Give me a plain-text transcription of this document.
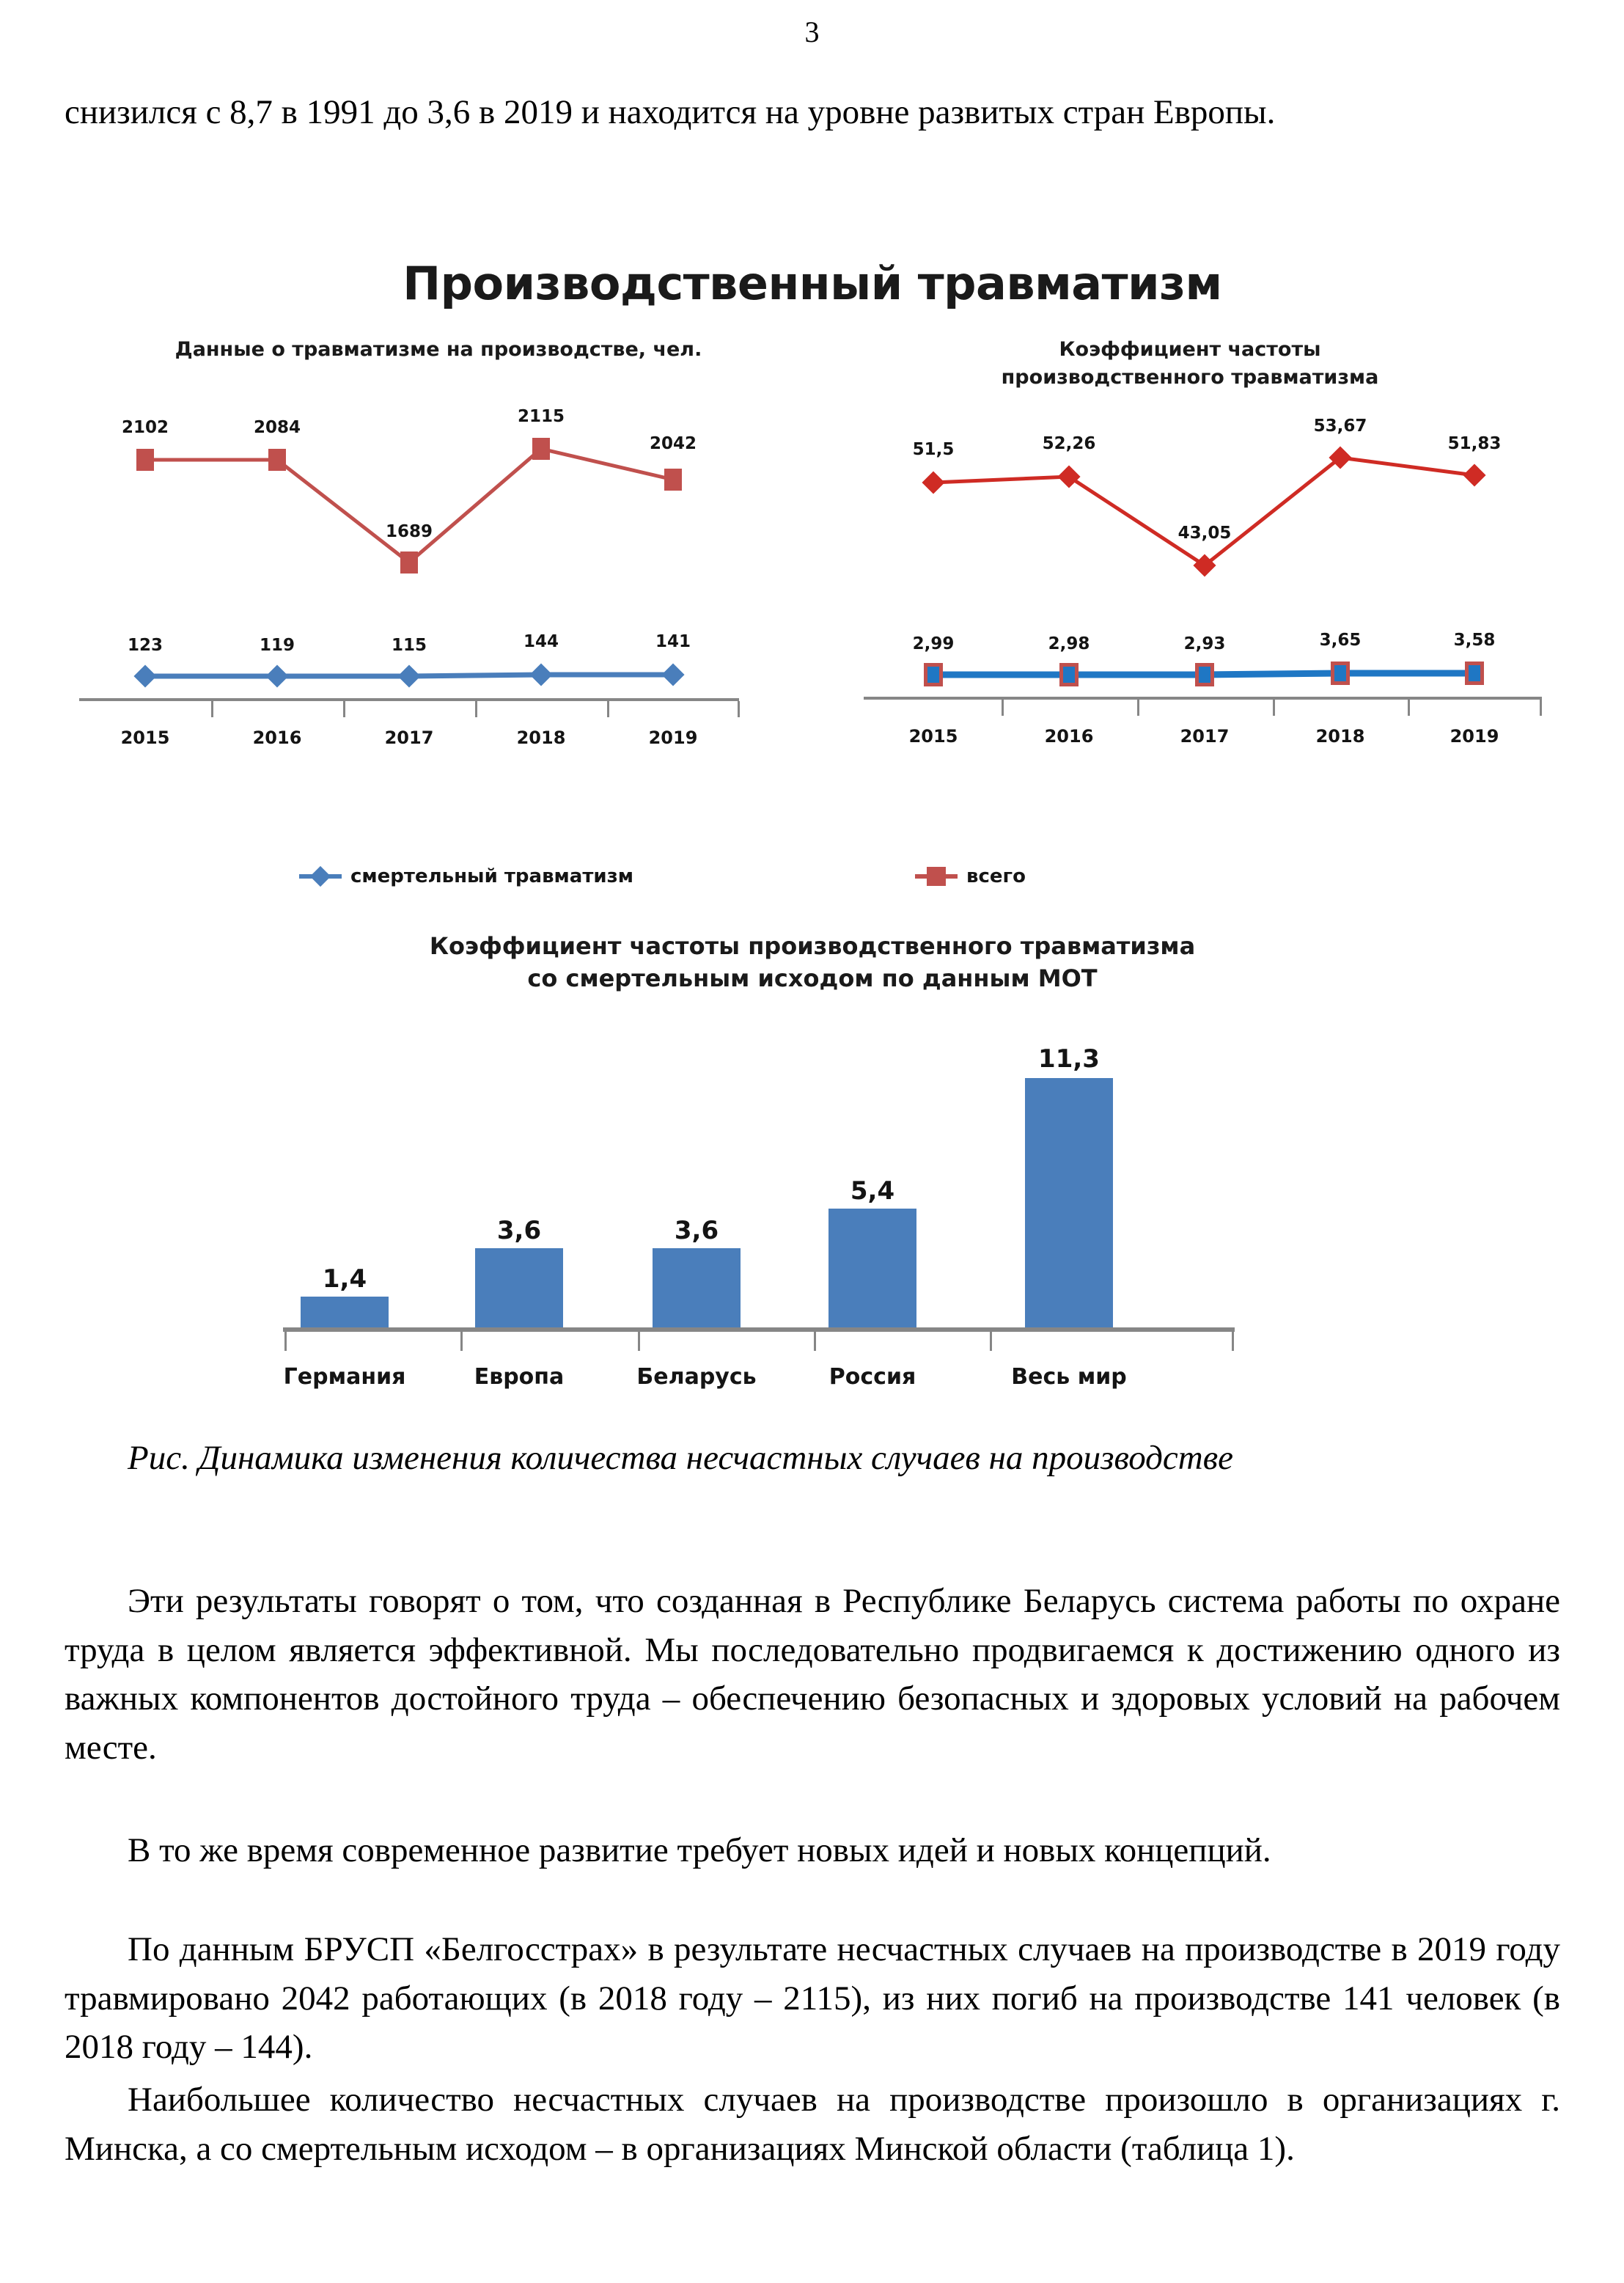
3
снизился с 8,7 в 1991 до 3,6 в 2019 и находится на уровне развитых стран Европы.
Производственный травматизм
Данные о травматизме на производстве, чел.
2102	2084
1689
2115
2042
123	119	115	144	141
2015	2016	2017	2018	2019
Коэффициент частоты
производственного травматизма
51,5	52,26
43,05
53,67
51,83
2,99	2,98	2,93	3,65	3,58
2015	2016	2017	2018	2019
смертельный травматизм	всего
Коэффициент частоты производственного травматизма
со смертельным исходом по данным МОТ
1,4
3,6	3,6
5,4
11,3
Германия	Европа	Беларусь	Россия	Весь мир
Рис. Динамика изменения количества несчастных случаев на производстве
Эти результаты говорят о том, что созданная в Республике Беларусь система работы по охране труда в целом является эффективной. Мы последовательно продвигаемся к достижению одного из важных компонентов достойного труда – обеспечению безопасных и здоровых условий на рабочем месте.
В то же время современное развитие требует новых идей и новых концепций.
По данным БРУСП «Белгосстрах» в результате несчастных случаев на производстве в 2019 году травмировано 2042 работающих (в 2018 году – 2115), из них погиб на производстве 141 человек (в 2018 году – 144).
Наибольшее количество несчастных случаев на производстве произошло в организациях г. Минска, а со смертельным исходом – в организациях Минской области (таблица 1).
